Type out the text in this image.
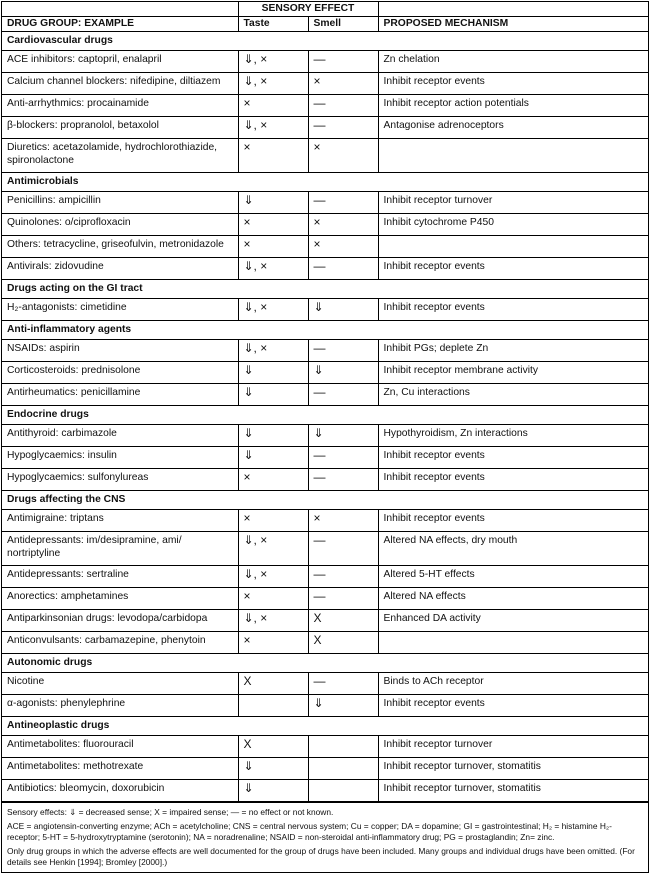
	SENSORY EFFECT		
DRUG GROUP: EXAMPLE	Taste	Smell	PROPOSED MECHANISM
Cardiovascular drugs			
ACE inhibitors: captopril, enalapril	⇓, ×	—	Zn chelation
Calcium channel blockers: nifedipine, diltiazem	⇓, ×	×	Inhibit receptor events
Anti-arrhythmics: procainamide	×	—	Inhibit receptor action potentials
β-blockers: propranolol, betaxolol	⇓, ×	—	Antagonise adrenoceptors
Diuretics: acetazolamide, hydrochlorothiazide, spironolactone	×	×	
Antimicrobials			
Penicillins: ampicillin	⇓	—	Inhibit receptor turnover
Quinolones: o/ciprofloxacin	×	×	Inhibit cytochrome P450
Others: tetracycline, griseofulvin, metronidazole	×	×	
Antivirals: zidovudine	⇓, ×	—	Inhibit receptor events
Drugs acting on the GI tract			
H₂-antagonists: cimetidine	⇓, ×	⇓	Inhibit receptor events
Anti-inflammatory agents			
NSAIDs: aspirin	⇓, ×	—	Inhibit PGs; deplete Zn
Corticosteroids: prednisolone	⇓	⇓	Inhibit receptor membrane activity
Antirheumatics: penicillamine	⇓	—	Zn, Cu interactions
Endocrine drugs			
Antithyroid: carbimazole	⇓	⇓	Hypothyroidism, Zn interactions
Hypoglycaemics: insulin	⇓	—	Inhibit receptor events
Hypoglycaemics: sulfonylureas	×	—	Inhibit receptor events
Drugs affecting the CNS			
Antimigraine: triptans	×	×	Inhibit receptor events
Antidepressants: im/desipramine, ami/ nortriptyline	⇓, ×	—	Altered NA effects, dry mouth
Antidepressants: sertraline	⇓, ×	—	Altered 5-HT effects
Anorectics: amphetamines	×	—	Altered NA effects
Antiparkinsonian drugs: levodopa/carbidopa	⇓, ×	X	Enhanced DA activity
Anticonvulsants: carbamazepine, phenytoin	×	X	
Autonomic drugs			
Nicotine	X	—	Binds to ACh receptor
α-agonists: phenylephrine		⇓	Inhibit receptor events
Antineoplastic drugs			
Antimetabolites: fluorouracil	X		Inhibit receptor turnover
Antimetabolites: methotrexate	⇓		Inhibit receptor turnover, stomatitis
Antibiotics: bleomycin, doxorubicin	⇓		Inhibit receptor turnover, stomatitis

Sensory effects: ⇓ = decreased sense; X = impaired sense; — = no effect or not known.

ACE = angiotensin-converting enzyme; ACh = acetylcholine; CNS = central nervous system; Cu = copper; DA = dopamine; GI = gastrointestinal; H₂ = histamine H₂-receptor; 5-HT = 5-hydroxytryptamine (serotonin); NA = noradrenaline; NSAID = non-steroidal anti-inflammatory drug; PG = prostaglandin; Zn= zinc.

Only drug groups in which the adverse effects are well documented for the group of drugs have been included. Many groups and individual drugs have been omitted. (For details see Henkin [1994]; Bromley [2000].)
